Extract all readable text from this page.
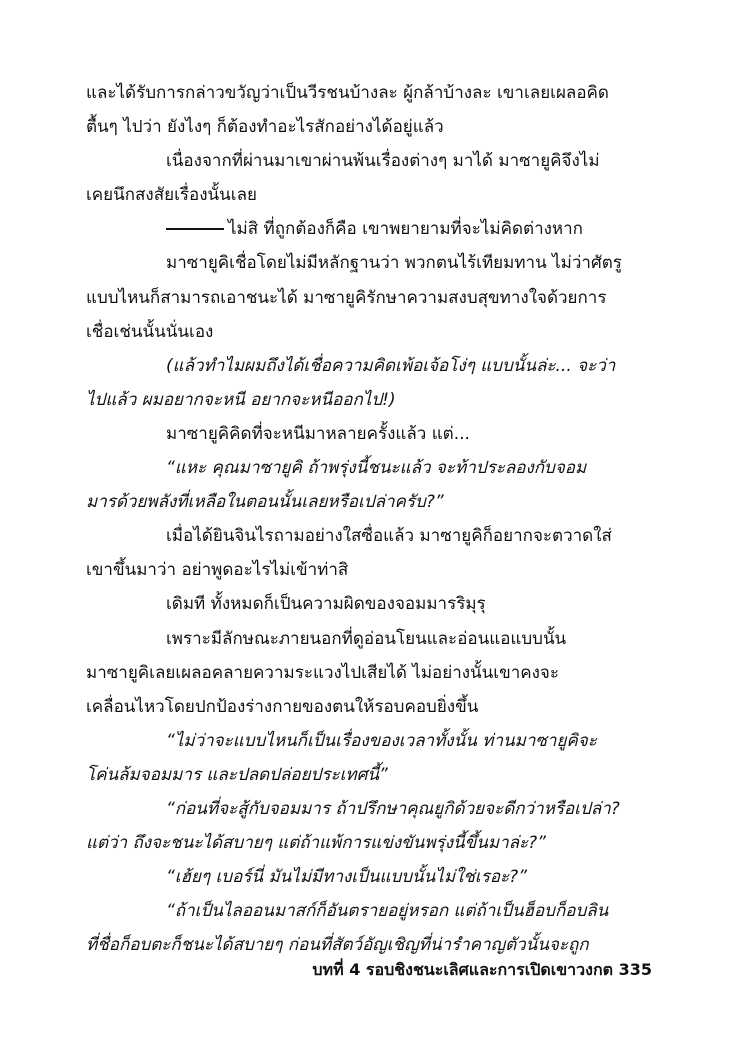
และได้รับการกล่าวขวัญว่าเป็นวีรชนบ้างละ ผู้กล้าบ้างละ เขาเลยเผลอคิด
ตื้นๆ ไปว่า ยังไงๆ ก็ต้องทำอะไรสักอย่างได้อยู่แล้ว
เนื่องจากที่ผ่านมาเขาผ่านพ้นเรื่องต่างๆ มาได้ มาซายูคิจึงไม่
เคยนึกสงสัยเรื่องนั้นเลย
ไม่สิ ที่ถูกต้องก็คือ เขาพยายามที่จะไม่คิดต่างหาก
มาซายูคิเชื่อโดยไม่มีหลักฐานว่า พวกตนไร้เทียมทาน ไม่ว่าศัตรู
แบบไหนก็สามารถเอาชนะได้ มาซายูคิรักษาความสงบสุขทางใจด้วยการ
เชื่อเช่นนั้นนั่นเอง
(แล้วทำไมผมถึงได้เชื่อความคิดเพ้อเจ้อโง่ๆ แบบนั้นล่ะ... จะว่า
ไปแล้ว ผมอยากจะหนี อยากจะหนีออกไป!)
มาซายูคิคิดที่จะหนีมาหลายครั้งแล้ว แต่...
“แหะ คุณมาซายูคิ ถ้าพรุ่งนี้ชนะแล้ว จะท้าประลองกับจอม
มารด้วยพลังที่เหลือในตอนนั้นเลยหรือเปล่าครับ?”
เมื่อได้ยินจินไรถามอย่างใสซื่อแล้ว มาซายูคิก็อยากจะตวาดใส่
เขาขึ้นมาว่า อย่าพูดอะไรไม่เข้าท่าสิ
เดิมที ทั้งหมดก็เป็นความผิดของจอมมารริมุรุ
เพราะมีลักษณะภายนอกที่ดูอ่อนโยนและอ่อนแอแบบนั้น
มาซายูคิเลยเผลอคลายความระแวงไปเสียได้ ไม่อย่างนั้นเขาคงจะ
เคลื่อนไหวโดยปกป้องร่างกายของตนให้รอบคอบยิ่งขึ้น
“ไม่ว่าจะแบบไหนก็เป็นเรื่องของเวลาทั้งนั้น ท่านมาซายูคิจะ
โค่นล้มจอมมาร และปลดปล่อยประเทศนี้”
“ก่อนที่จะสู้กับจอมมาร ถ้าปรึกษาคุณยูกิด้วยจะดีกว่าหรือเปล่า?
แต่ว่า ถึงจะชนะได้สบายๆ แต่ถ้าแพ้การแข่งขันพรุ่งนี้ขึ้นมาล่ะ?”
“เฮ้ยๆ เบอร์นี่ มันไม่มีทางเป็นแบบนั้นไม่ใช่เรอะ?”
“ถ้าเป็นไลออนมาสก์ก็อันตรายอยู่หรอก แต่ถ้าเป็นฮ็อบก็อบลิน
ที่ชื่อก็อบตะก็ชนะได้สบายๆ ก่อนที่สัตว์อัญเชิญที่น่ารำคาญตัวนั้นจะถูก
บทที่ 4 รอบชิงชนะเลิศและการเปิดเขาวงกต 335
